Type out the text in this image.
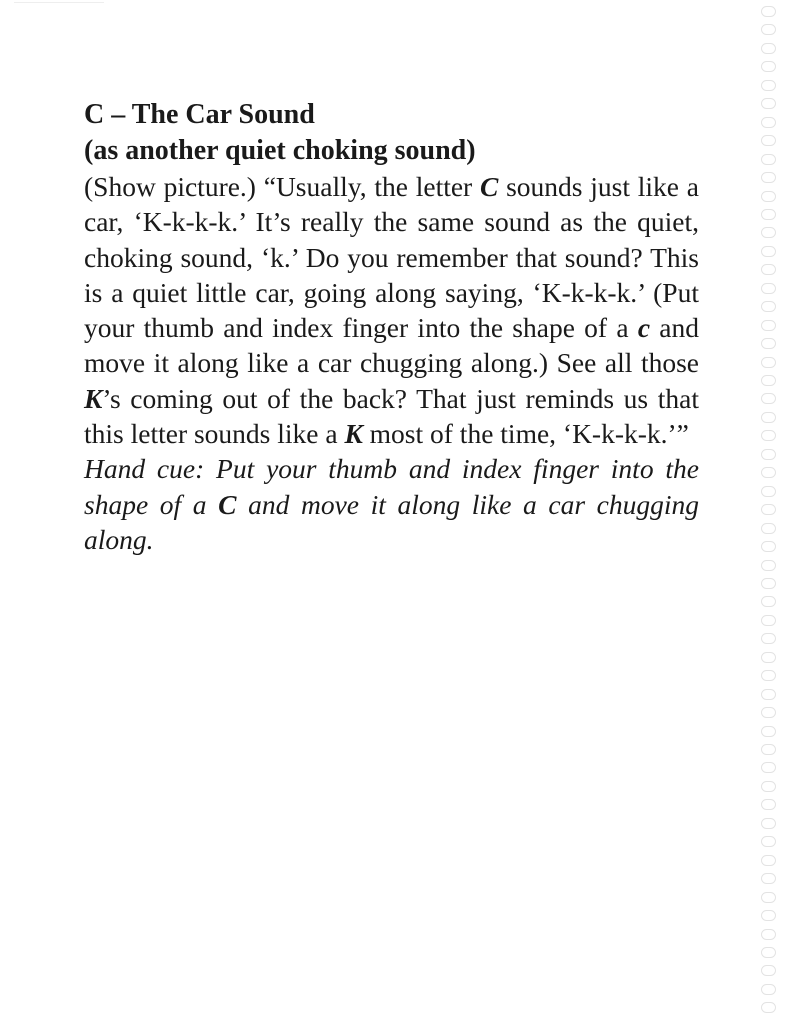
C – The Car Sound
(as another quiet choking sound)

(Show picture.) “Usually, the letter C sounds just like a car, ‘K-k-k-k.’ It’s really the same sound as the quiet, choking sound, ‘k.’ Do you remember that sound? This is a quiet little car, going along saying, ‘K-k-k-k.’ (Put your thumb and index finger into the shape of a c and move it along like a car chugging along.) See all those K’s coming out of the back? That just reminds us that this letter sounds like a K most of the time, ‘K-k-k-k.’”

Hand cue: Put your thumb and index finger into the shape of a C and move it along like a car chugging along.
